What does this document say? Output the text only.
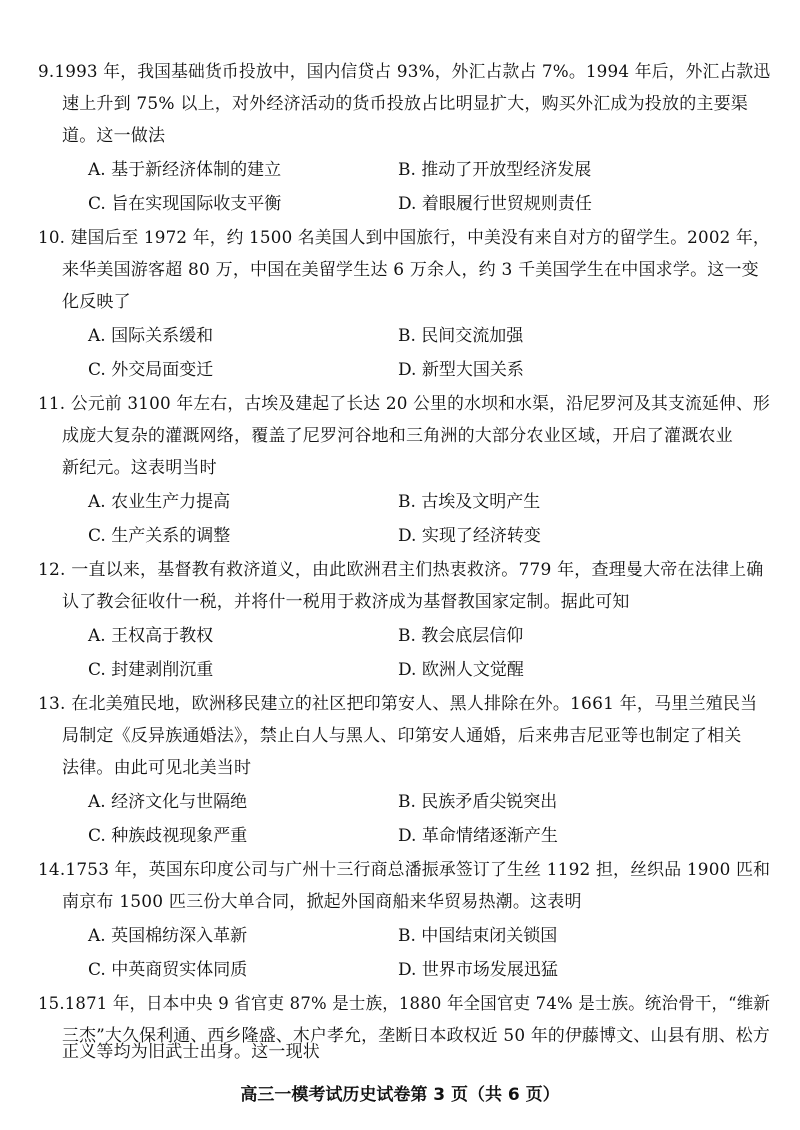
9.1993 年，我国基础货币投放中，国内信贷占 93%，外汇占款占 7%。1994 年后，外汇占款迅
速上升到 75% 以上，对外经济活动的货币投放占比明显扩大，购买外汇成为投放的主要渠
道。这一做法
A. 基于新经济体制的建立	B. 推动了开放型经济发展
C. 旨在实现国际收支平衡	D. 着眼履行世贸规则责任
10. 建国后至 1972 年，约 1500 名美国人到中国旅行，中美没有来自对方的留学生。2002 年，
来华美国游客超 80 万，中国在美留学生达 6 万余人，约 3 千美国学生在中国求学。这一变
化反映了
A. 国际关系缓和	B. 民间交流加强
C. 外交局面变迁	D. 新型大国关系
11. 公元前 3100 年左右，古埃及建起了长达 20 公里的水坝和水渠，沿尼罗河及其支流延伸、形
成庞大复杂的灌溉网络，覆盖了尼罗河谷地和三角洲的大部分农业区域，开启了灌溉农业
新纪元。这表明当时
A. 农业生产力提高	B. 古埃及文明产生
C. 生产关系的调整	D. 实现了经济转变
12. 一直以来，基督教有救济道义，由此欧洲君主们热衷救济。779 年，查理曼大帝在法律上确
认了教会征收什一税，并将什一税用于救济成为基督教国家定制。据此可知
A. 王权高于教权	B. 教会底层信仰
C. 封建剥削沉重	D. 欧洲人文觉醒
13. 在北美殖民地，欧洲移民建立的社区把印第安人、黑人排除在外。1661 年，马里兰殖民当
局制定《反异族通婚法》，禁止白人与黑人、印第安人通婚，后来弗吉尼亚等也制定了相关
法律。由此可见北美当时
A. 经济文化与世隔绝	B. 民族矛盾尖锐突出
C. 种族歧视现象严重	D. 革命情绪逐渐产生
14.1753 年，英国东印度公司与广州十三行商总潘振承签订了生丝 1192 担，丝织品 1900 匹和
南京布 1500 匹三份大单合同，掀起外国商船来华贸易热潮。这表明
A. 英国棉纺深入革新	B. 中国结束闭关锁国
C. 中英商贸实体同质	D. 世界市场发展迅猛
15.1871 年，日本中央 9 省官吏 87% 是士族，1880 年全国官吏 74% 是士族。统治骨干，“维新
三杰”大久保利通、西乡隆盛、木户孝允，垄断日本政权近 50 年的伊藤博文、山县有朋、松方
正义等均为旧武士出身。这一现状
高三一模考试历史试卷第 3 页（共 6 页）
